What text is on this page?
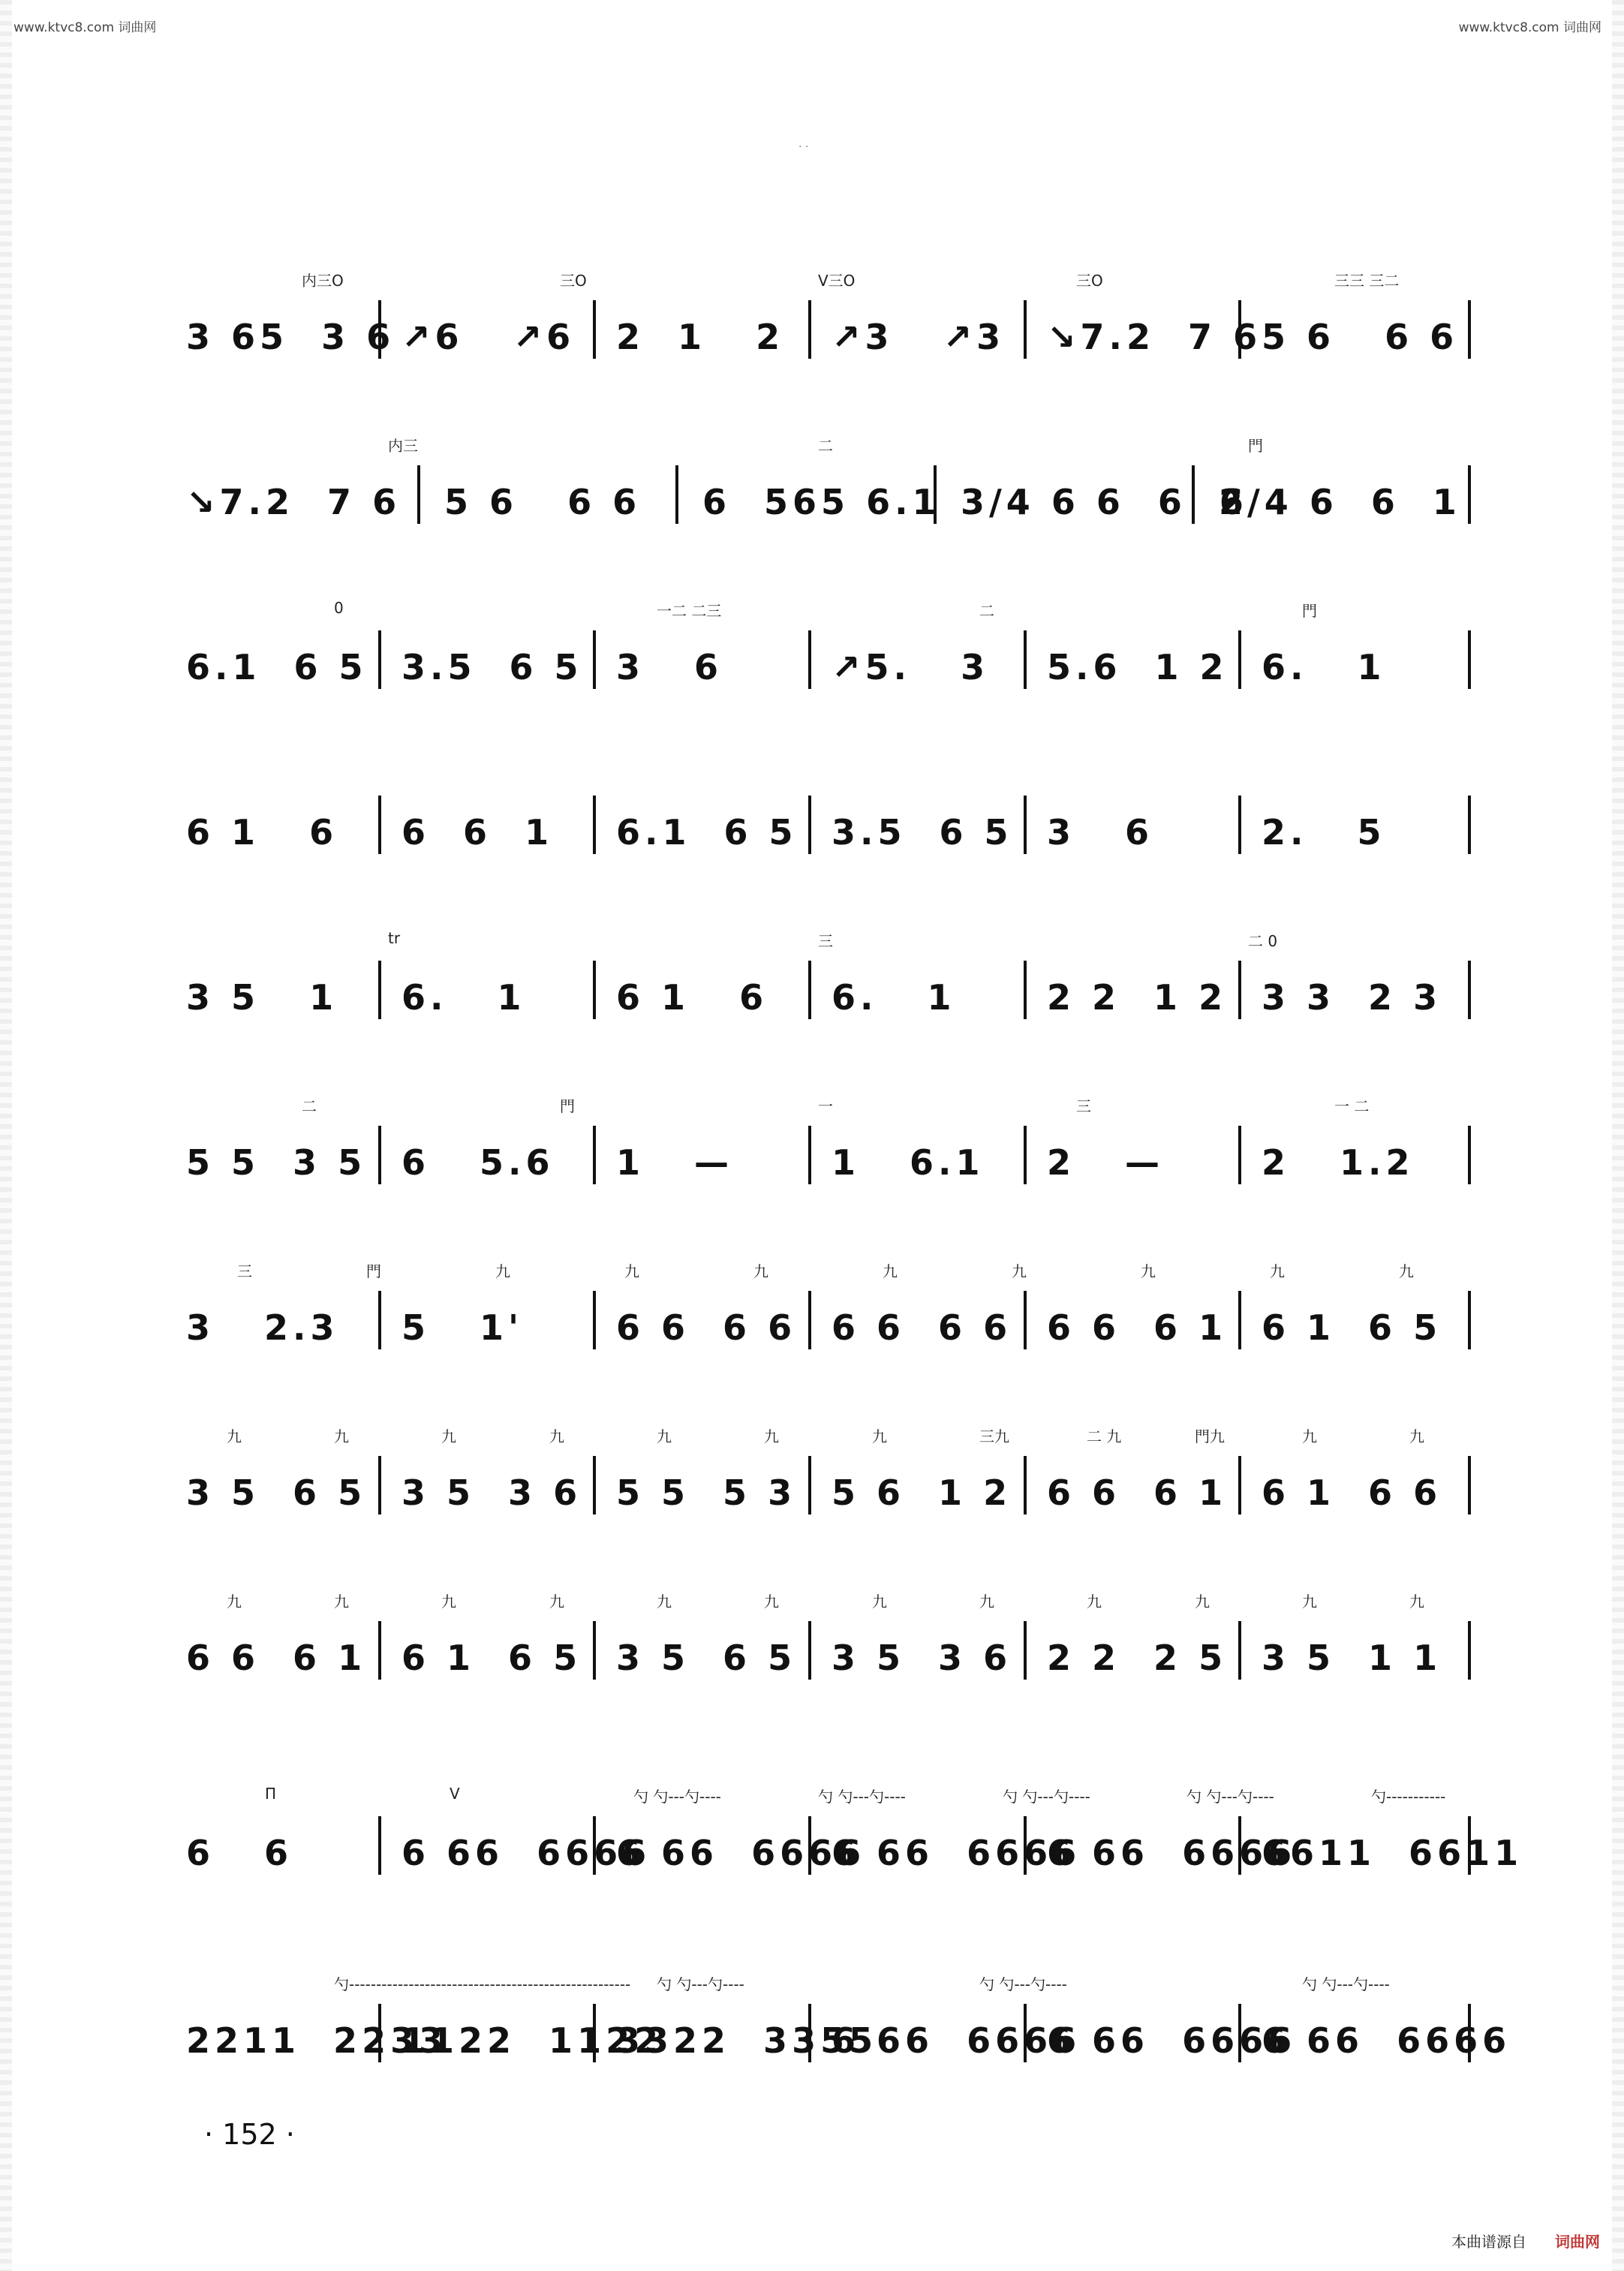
www.ktvc8.com 词曲网	www.ktvc8.com 词曲网
· ·
3 65  3 6 ↗6   ↗6 2  1   2 ↗3   ↗3 ↘7.2  7 6 5 6   6 6
内三O	三O	V三O	三O	三三 三二
↘7.2  7 6 5 6   6 6 6  565 6.1 3/4 6 6  6  6
2/4 6  6  1
内三	二	門
6.1  6 5 3.5  6 5 3   6	↗5.   3 5.6  1 2 6.   1
0	一二 二三	二	門
6 1   6 6  6  1 6.1  6 5 3.5  6 5 3   6	2.   5
3 5   1 6.   1	6 1   6 6.   1	2 2  1 2 3 3  2 3
tr	三	二 0
5 5  3 5 6   5.6 1   —	1   6.1 2   —	2   1.2
二	門	一	三	一 二
3   2.3 5   1'	6 6  6 6 6 6  6 6 6 6  6 1 6 1  6 5
三	門	九	九	九	九	九	九	九	九
3 5  6 5 3 5  3 6 5 5  5 3 5 6  1 2 6 6  6 1 6 1  6 6
九	九	九	九	九	九	九	三九	二 九	門九	九	九
6 6  6 1 6 1  6 5 3 5  6 5 3 5  3 6 2 2  2 5 3 5  1 1
九	九	九	九	九	九	九	九	九	九	九	九
6   6	6 66  6666
6 66  6666
6 66  6666
6 66  6666
6611  6611
П	V	勺 勺---勺----	勺 勺---勺----	勺 勺---勺----	勺 勺---勺----	勺-----------
2211  2233
1122  1122
3322  3355
6 66  6666
6 66  6666
6 66  6666
勺---------------------------------------------------- 勺 勺---勺----	勺 勺---勺----	勺 勺---勺----
· 152 ·
本曲谱源自 词曲网
